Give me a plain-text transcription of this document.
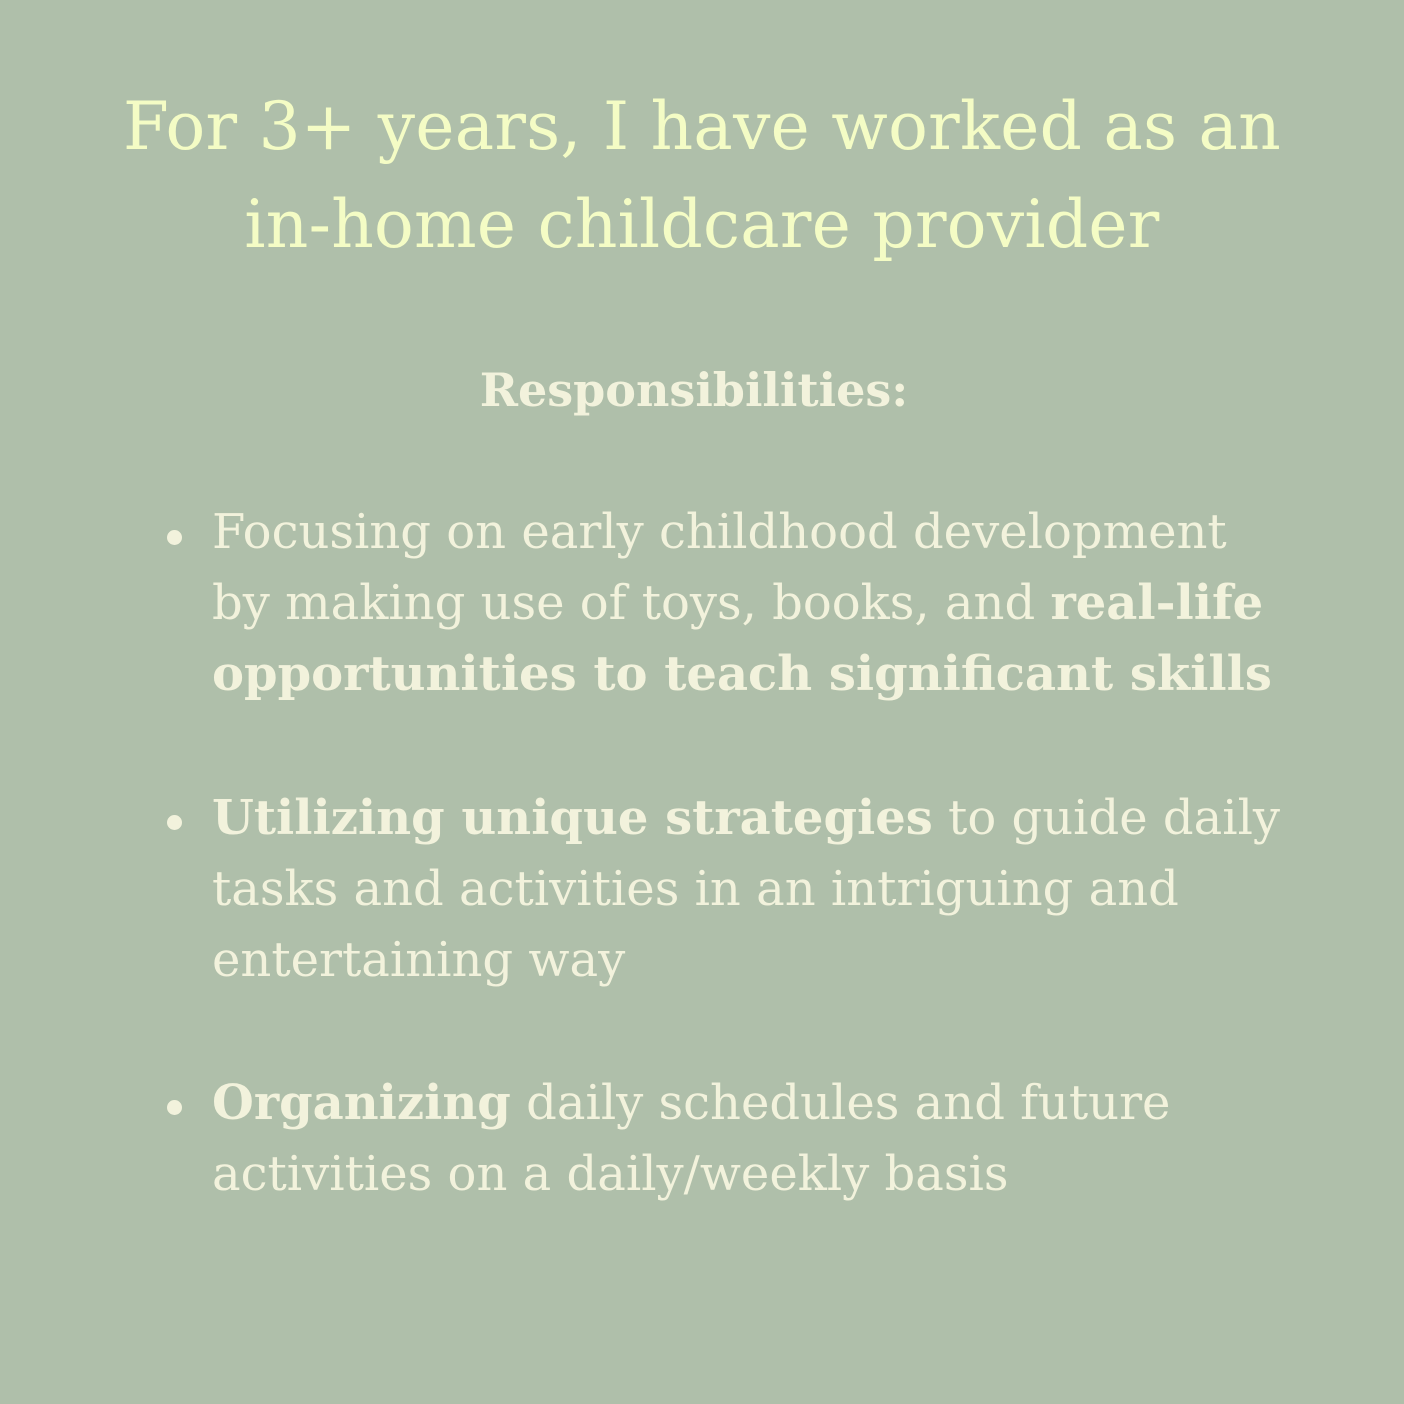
For 3+ years, I have worked as an
in-home childcare provider
Responsibilities:
Focusing on early childhood development by making use of toys, books, and real-life opportunities to teach significant skills
Utilizing unique strategies to guide daily tasks and activities in an intriguing and entertaining way
Organizing daily schedules and future activities on a daily/weekly basis
